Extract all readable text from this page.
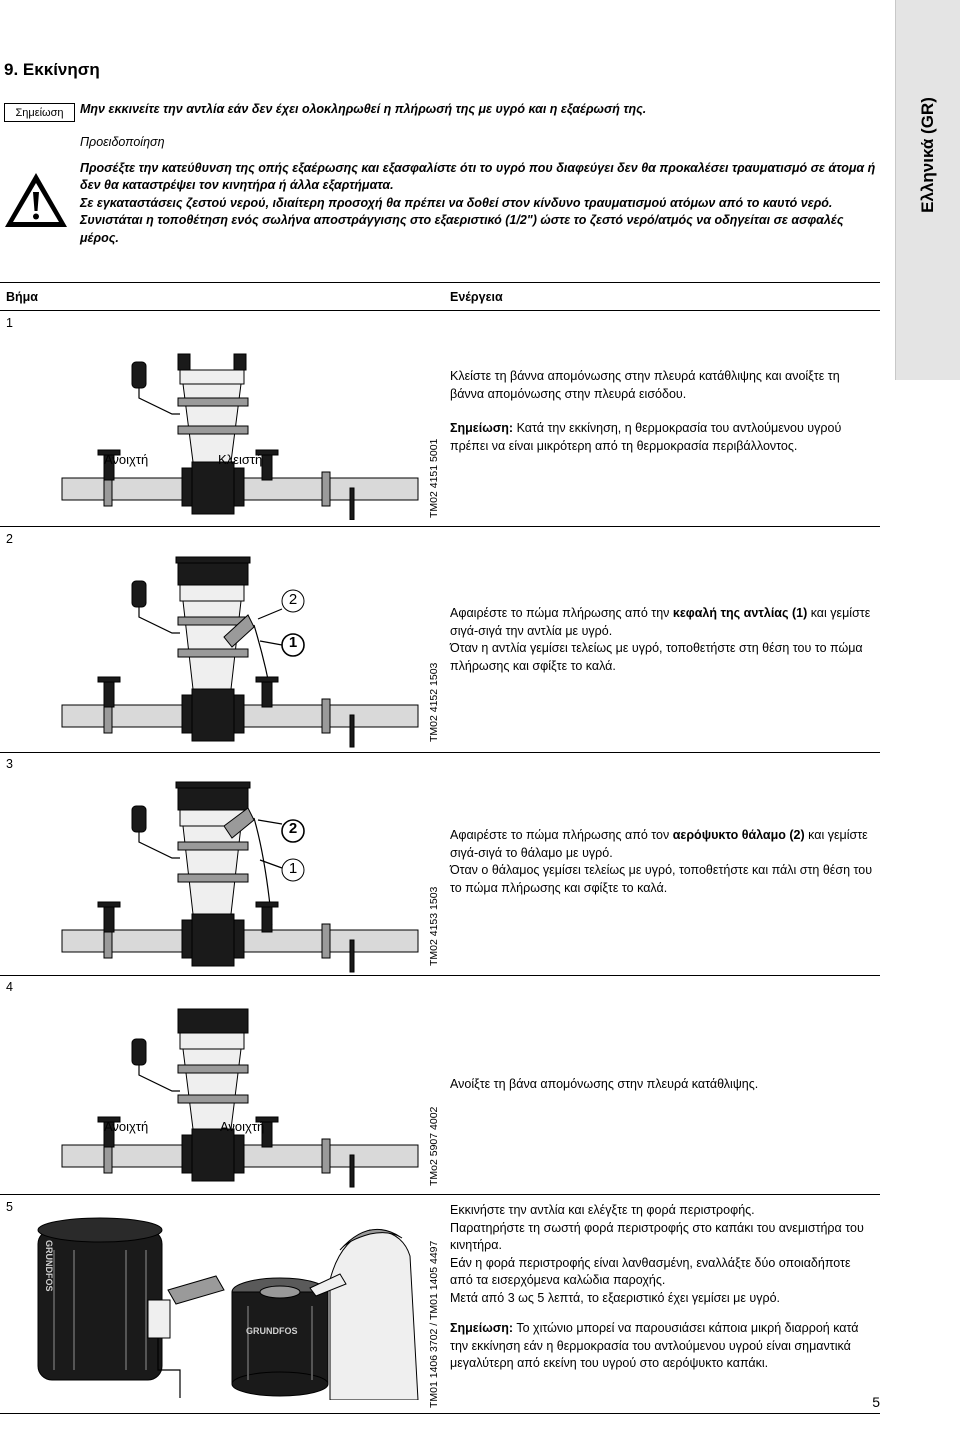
9. Εκκίνηση
Ελληνικά (GR)
Σημείωση	Μην εκκινείτε την αντλία εάν δεν έχει ολοκληρωθεί η πλήρωσή της με υγρό και η εξαέρωσή της.
Προειδοποίηση

Προσέξτε την κατεύθυνση της οπής εξαέρωσης και εξασφαλίστε ότι το υγρό που διαφεύγει δεν θα προκαλέσει τραυματισμό σε άτομα ή δεν θα καταστρέψει τον κινητήρα ή άλλα εξαρτήματα.

Σε εγκαταστάσεις ζεστού νερού, ιδιαίτερη προσοχή θα πρέπει να δοθεί στον κίνδυνο τραυματισμού ατόμων από το καυτό νερό.

Συνιστάται η τοποθέτηση ενός σωλήνα αποστράγγισης στο εξαεριστικό (1/2") ώστε το ζεστό νερό/ατμός να οδηγείται σε ασφαλές μέρος.

Βήμα	Ενέργεια
1
Ανοιχτή	Κλειστή	TM02 4151 5001

Κλείστε τη βάννα απομόνωσης στην πλευρά κατάθλιψης και ανοίξτε τη βάννα απομόνωσης στην πλευρά εισόδου.

Σημείωση: Κατά την εκκίνηση, η θερμοκρασία του αντλούμενου υγρού πρέπει να είναι μικρότερη από τη θερμοκρασία περιβάλλοντος.

2
2
1
TM02 4152 1503

Αφαιρέστε το πώμα πλήρωσης από την κεφαλή της αντλίας (1) και γεμίστε σιγά-σιγά την αντλία με υγρό.

Όταν η αντλία γεμίσει τελείως με υγρό, τοποθετήστε στη θέση του το πώμα πλήρωσης και σφίξτε το καλά.

3
2
1
TM02 4153 1503

Αφαιρέστε το πώμα πλήρωσης από τον αερόψυκτο θάλαμο (2) και γεμίστε σιγά-σιγά το θάλαμο με υγρό.

Όταν ο θάλαμος γεμίσει τελείως με υγρό, τοποθετήστε και πάλι στη θέση του το πώμα πλήρωσης και σφίξτε το καλά.

4
Ανοιχτή	Ανοιχτή	TMo2 5907 4002

Ανοίξτε τη βάνα απομόνωσης στην πλευρά κατάθλιψης.

5
GRUNDFOS
GRUNDFOS	TM01 1406 3702 / TM01 1405 4497

Εκκινήστε την αντλία και ελέγξτε τη φορά περιστροφής.

Παρατηρήστε τη σωστή φορά περιστροφής στο καπάκι του ανεμιστήρα του κινητήρα.

Εάν η φορά περιστροφής είναι λανθασμένη, εναλλάξτε δύο οποιαδήποτε από τα εισερχόμενα καλώδια παροχής.

Μετά από 3 ως 5 λεπτά, το εξαεριστικό έχει γεμίσει με υγρό.

Σημείωση: Το χιτώνιο μπορεί να παρουσιάσει κάποια μικρή διαρροή κατά την εκκίνηση εάν η θερμοκρασία του αντλούμενου υγρού είναι σημαντικά μεγαλύτερη από εκείνη του υγρού στο αερόψυκτο καπάκι.

5
